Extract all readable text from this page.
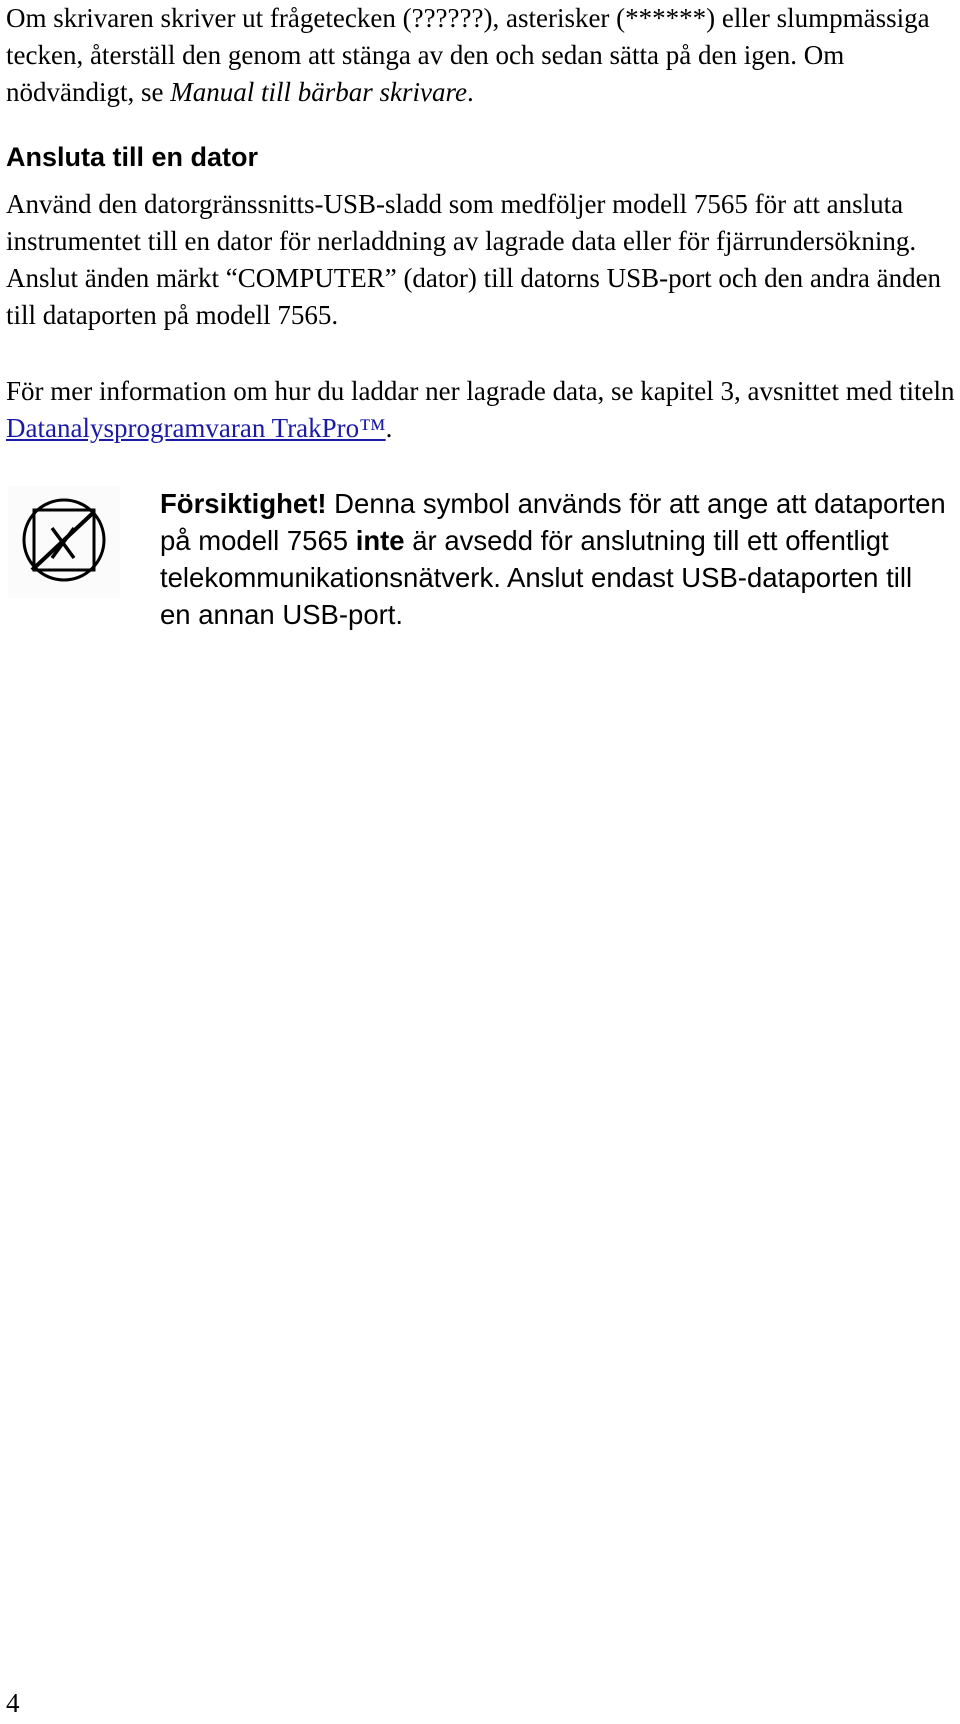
Om skrivaren skriver ut frågetecken (??????), asterisker (******) eller slumpmässiga tecken, återställ den genom att stänga av den och sedan sätta på den igen. Om nödvändigt, se Manual till bärbar skrivare.

Ansluta till en dator

Använd den datorgränssnitts-USB-sladd som medföljer modell 7565 för att ansluta instrumentet till en dator för nerladdning av lagrade data eller för fjärrundersökning. Anslut änden märkt “COMPUTER” (dator) till datorns USB-port och den andra änden till dataporten på modell 7565.

För mer information om hur du laddar ner lagrade data, se kapitel 3, avsnittet med titeln Datanalysprogramvaran TrakPro™.

Försiktighet! Denna symbol används för att ange att dataporten på modell 7565 inte är avsedd för anslutning till ett offentligt telekommunikationsnätverk. Anslut endast USB-dataporten till en annan USB-port.

4
